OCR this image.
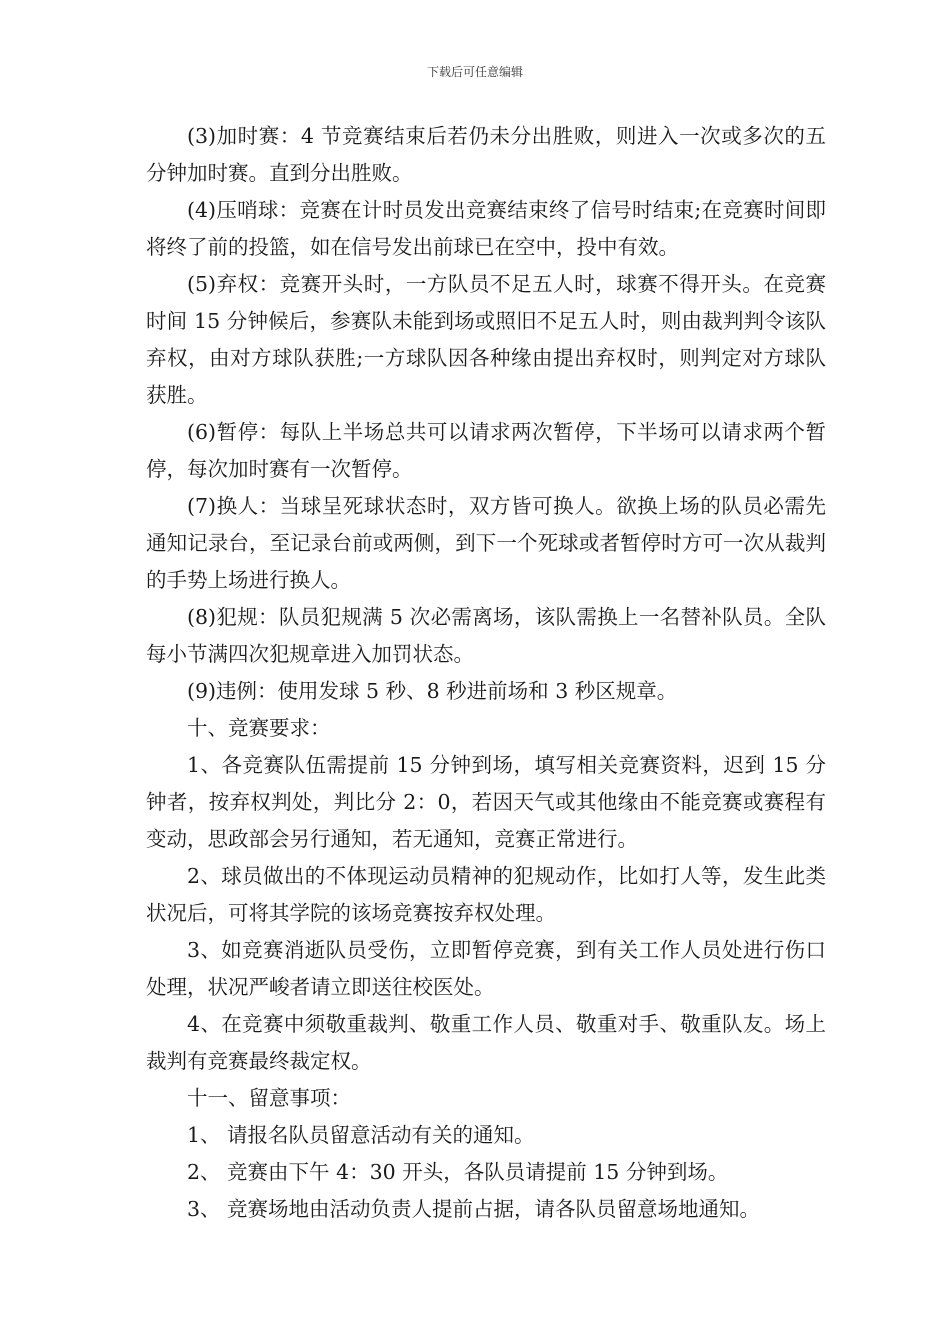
下载后可任意编辑

(3)加时赛：4 节竞赛结束后若仍未分出胜败，则进入一次或多次的五分钟加时赛。直到分出胜败。

(4)压哨球：竞赛在计时员发出竞赛结束终了信号时结束;在竞赛时间即将终了前的投篮，如在信号发出前球已在空中，投中有效。

(5)弃权：竞赛开头时，一方队员不足五人时，球赛不得开头。在竞赛时间 15 分钟候后，参赛队未能到场或照旧不足五人时，则由裁判判令该队弃权，由对方球队获胜;一方球队因各种缘由提出弃权时，则判定对方球队获胜。

(6)暂停：每队上半场总共可以请求两次暂停，下半场可以请求两个暂停，每次加时赛有一次暂停。

(7)换人：当球呈死球状态时，双方皆可换人。欲换上场的队员必需先通知记录台，至记录台前或两侧，到下一个死球或者暂停时方可一次从裁判的手势上场进行换人。

(8)犯规：队员犯规满 5 次必需离场，该队需换上一名替补队员。全队每小节满四次犯规章进入加罚状态。

(9)违例：使用发球 5 秒、8 秒进前场和 3 秒区规章。

十、竞赛要求：

1、各竞赛队伍需提前 15 分钟到场，填写相关竞赛资料，迟到 15 分钟者，按弃权判处，判比分 2：0，若因天气或其他缘由不能竞赛或赛程有变动，思政部会另行通知，若无通知，竞赛正常进行。

2、球员做出的不体现运动员精神的犯规动作，比如打人等，发生此类状况后，可将其学院的该场竞赛按弃权处理。

3、如竞赛消逝队员受伤，立即暂停竞赛，到有关工作人员处进行伤口处理，状况严峻者请立即送往校医处。

4、在竞赛中须敬重裁判、敬重工作人员、敬重对手、敬重队友。场上裁判有竞赛最终裁定权。

十一、留意事项：

1、 请报名队员留意活动有关的通知。

2、 竞赛由下午 4：30 开头，各队员请提前 15 分钟到场。

3、 竞赛场地由活动负责人提前占据，请各队员留意场地通知。
